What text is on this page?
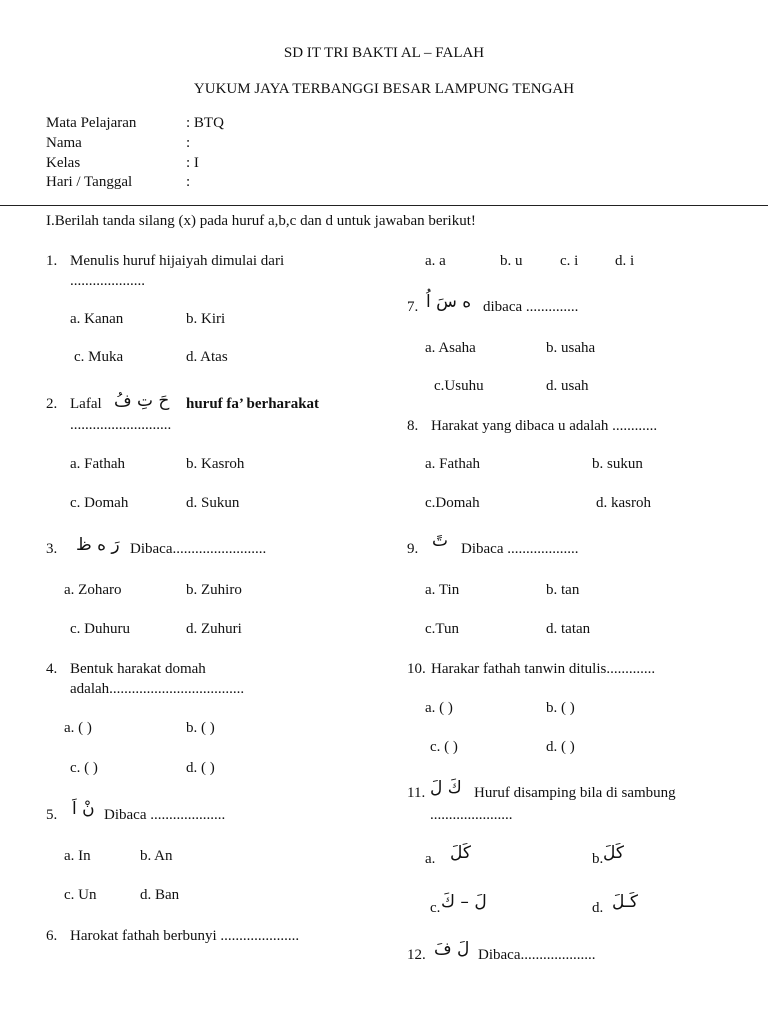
SD IT TRI BAKTI AL – FALAH
YUKUM JAYA TERBANGGI BESAR LAMPUNG TENGAH
Mata Pelajaran	: BTQ
Nama	:
Kelas	: I
Hari / Tanggal	:
I.Berilah tanda silang (x) pada huruf a,b,c dan d untuk jawaban berikut!
1. Menulis huruf hijaiyah dimulai dari
....................
a. Kanan	b. Kiri
c. Muka	d. Atas
2. Lafal حَ تِ فُ huruf fa’ berharakat
...........................
a. Fathah	b. Kasroh
c. Domah	d. Sukun
3. رَ ه ظ Dibaca.........................
a. Zoharo	b. Zuhiro
c. Duhuru	d. Zuhuri
4. Bentuk harakat domah
adalah....................................
a. ( )	b. ( )
c. ( )	d. ( )
5. نْ اَ Dibaca ....................
a. In	b. An
c. Un	d. Ban
6. Harokat fathah berbunyi .....................
a. a	b. u	c. i d. i
7. ه سَ اُ dibaca ..............
a. Asaha	b. usaha
c.Usuhu	d. usah
8. Harakat yang dibaca u adalah ............
a. Fathah	b. sukun
c.Domah	d. kasroh
9. تً Dibaca ...................
a. Tin	b. tan
c.Tun	d. tatan
10. Harakar fathah tanwin ditulis.............
a. ( )	b. ( )
c. ( )	d. ( )
11. كَ لَ Huruf disamping bila di sambung
......................
a. كَلَ	b. كَلَ
c. لَ – كَ	d. كَـلَ
12. لَ فَ Dibaca....................
